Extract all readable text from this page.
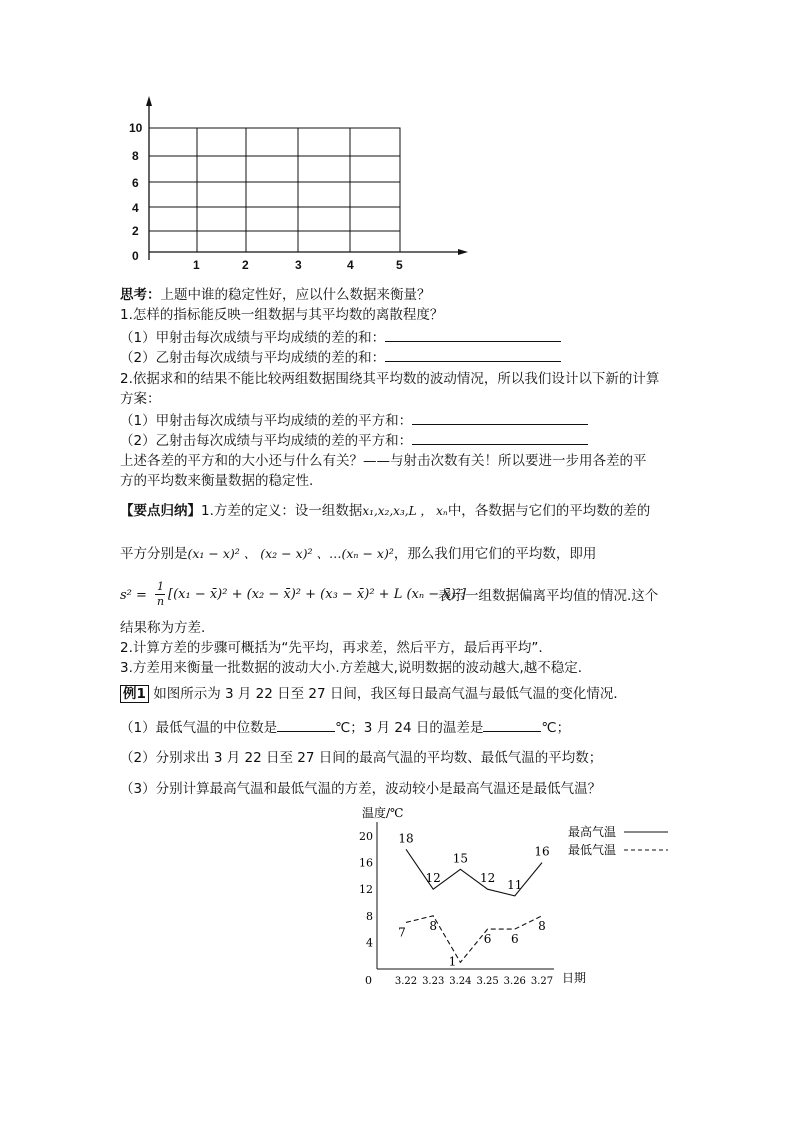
10
8
6
4
2
0
1	2	3	4	5
思考：上题中谁的稳定性好，应以什么数据来衡量？
1.怎样的指标能反映一组数据与其平均数的离散程度？
（1）甲射击每次成绩与平均成绩的差的和：
（2）乙射击每次成绩与平均成绩的差的和：
2.依据求和的结果不能比较两组数据围绕其平均数的波动情况，所以我们设计以下新的计算
方案：
（1）甲射击每次成绩与平均成绩的差的平方和：
（2）乙射击每次成绩与平均成绩的差的平方和：
上述各差的平方和的大小还与什么有关？——与射击次数有关！所以要进一步用各差的平
方的平均数来衡量数据的稳定性.
【要点归纳】1.方差的定义：设一组数据x₁,x₂,x₃,L ， xₙ中，各数据与它们的平均数的差的
平方分别是(x₁ − x)² 、 (x₂ − x)² 、…(xₙ − x)²，那么我们用它们的平均数，即用
s² =
1
n [(x₁ − x̄)² + (x₂ − x̄)² + (x₃ − x̄)² + L (xₙ − x̄)²]
表示一组数据偏离平均值的情况.这个
结果称为方差.
2.计算方差的步骤可概括为“先平均，再求差，然后平方，最后再平均”.
3.方差用来衡量一批数据的波动大小.方差越大,说明数据的波动越大,越不稳定.
例1 如图所示为 3 月 22 日至 27 日间，我区每日最高气温与最低气温的变化情况．
（1）最低气温的中位数是	℃；3 月 24 日的温差是	℃；
（2）分别求出 3 月 22 日至 27 日间的最高气温的平均数、最低气温的平均数；
（3）分别计算最高气温和最低气温的方差，波动较小是最高气温还是最低气温？
温度/℃
0	日期
4
8
12
16
20
3.22 3.23 3.24 3.25 3.26 3.27
18
12
15
12 11
16
7 8
1
6 6
8
最高气温
最低气温
